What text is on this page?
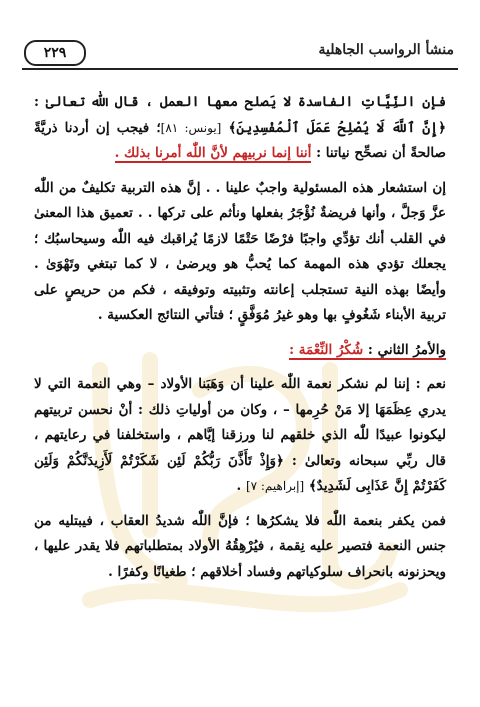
منشأ الرواسب الجاهلية
٢٢٩

فإن النِّيَّاتِ الفاسدة لا يَصلح معها العمل ، قال اللّٰه تعالىٰ : ﴿إِنَّ ٱللَّهَ لَا يُصْلِحُ عَمَلَ ٱلْمُفْسِدِينَ﴾ [يونس: ٨١]؛ فيجب إن أردنا ذريَّةً صالحةً أن نصحِّح نياتنا : أننا إنما نربيهم لأنَّ اللّٰه أمرنا بذلك .

إن استشعار هذه المسئولية واجبٌ علينا . . إنَّ هذه التربية تكليفٌ من اللّٰه عزَّ وَجلَّ ، وأنها فريضةٌ نُؤْجَرُ بفعلها ونأثم على تركها . . تعميق هذا المعنىٰ في القلب أنك تؤدِّي واجبًا فرْضًا حَتْمًا لازمًا يُراقبك فيه اللّٰه وسيحاسبُك ؛ يجعلك تؤدي هذه المهمة كما يُحبُّ هو ويرضىٰ ، لا كما تبتغي وتَهْوَىٰ . وأيضًا بهذه النية تستجلب إعانته وتثبيته وتوفيقه ، فكم من حريصٍ على تربية الأبناء شَغُوفٍ بها وهو غيرُ مُوَفَّقٍ ؛ فتأتي النتائج العكسية .

والأمرُ الثاني : شُكْرُ النِّعْمَة :

نعم : إننا لم نشكر نعمة اللّٰه علينا أن وَهَبَنا الأولاد – وهي النعمة التي لا يدري عِظَمَهَا إلا مَنْ حُرِمها – ، وكان من أولياتِ ذلك : أنْ نحسن تربيتهم ليكونوا عبيدًا للّٰه الذي خلقهم لنا ورزقنا إيَّاهم ، واستخلفنا في رعايتهم ، قال ربِّي سبحانه وتعالىٰ : ﴿وَإِذْ تَأَذَّنَ رَبُّكُمْ لَئِن شَكَرْتُمْ لَأَزِيدَنَّكُمْ وَلَئِن كَفَرْتُمْ إِنَّ عَذَابِى لَشَدِيدٌ﴾ [إبراهيم: ٧] .

فمن يكفر بنعمة اللّٰه فلا يشكرُها ؛ فإنَّ اللّٰه شديدُ العقاب ، فيبتليه من جنس النعمة فتصير عليه نِقمة ، فيُرْهِقُهُ الأولاد بمتطلباتهم فلا يقدر عليها ، ويحزنونه بانحراف سلوكياتهم وفساد أخلاقهم ؛ طغيانًا وكفرًا .
